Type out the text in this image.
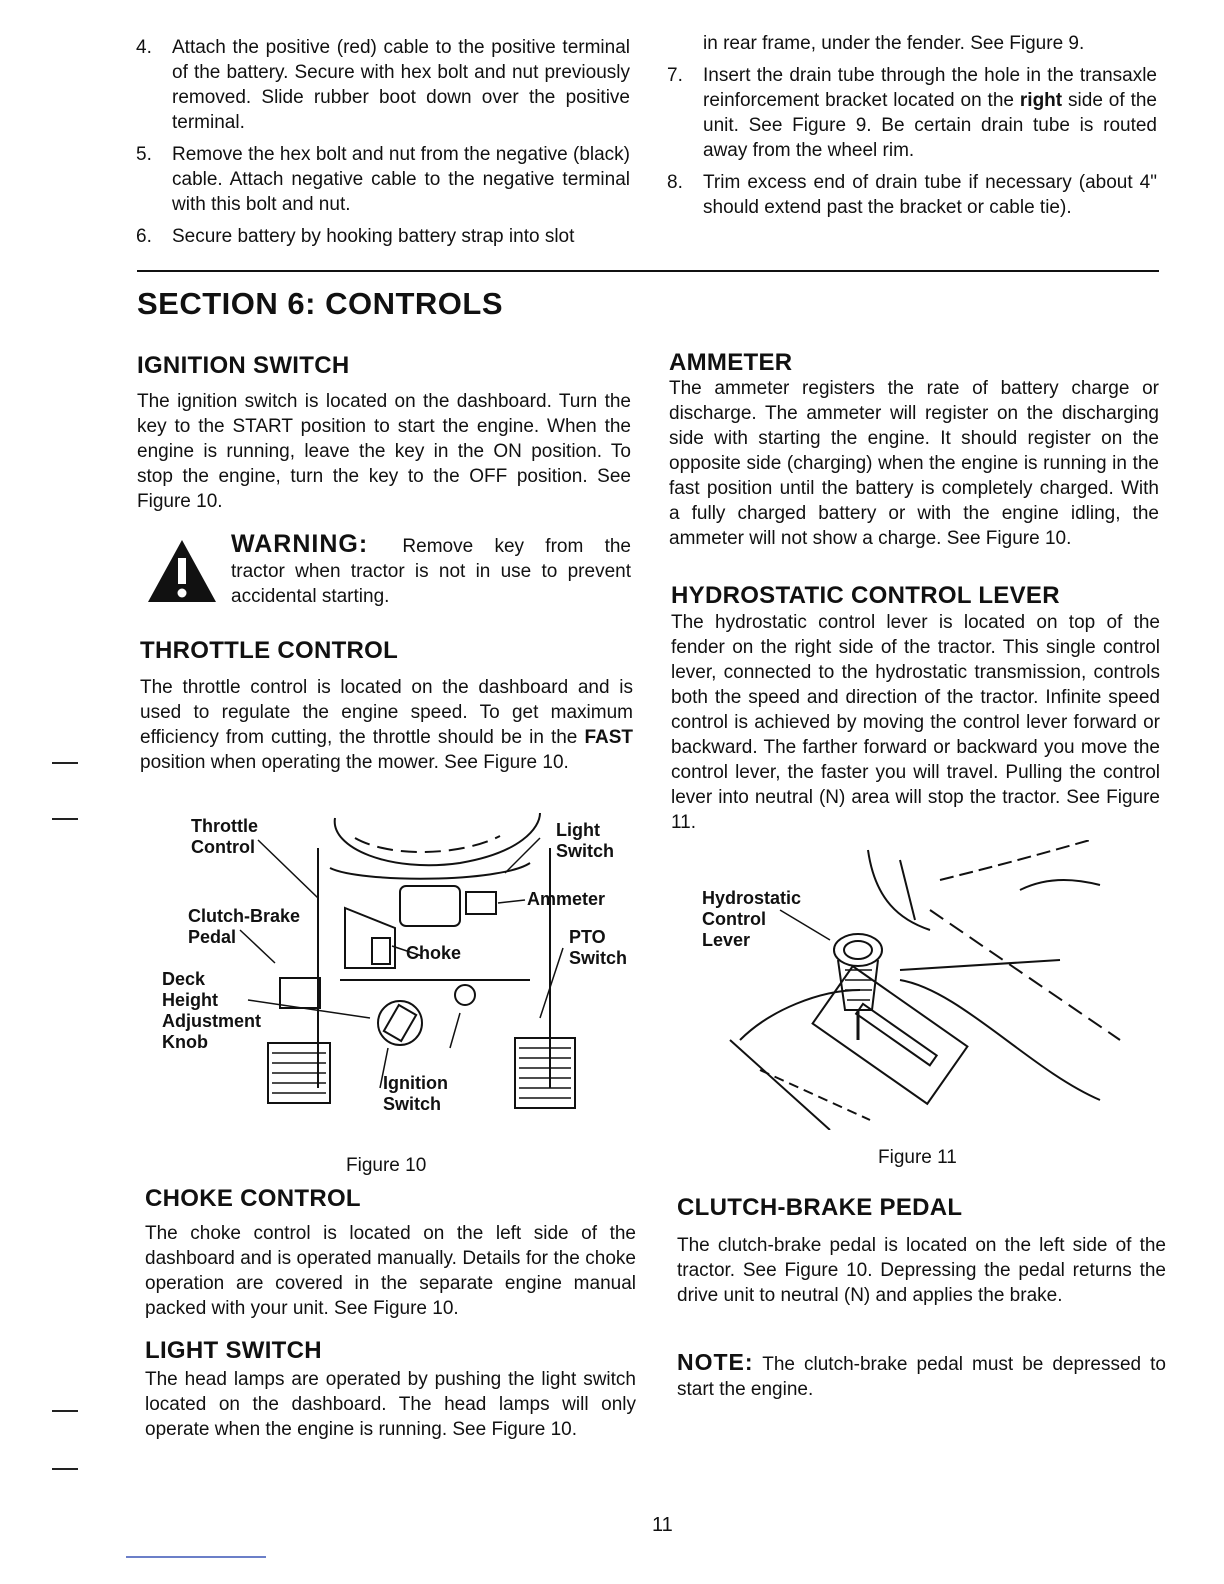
4.	Attach the positive (red) cable to the positive terminal of the battery. Secure with hex bolt and nut previously removed. Slide rubber boot down over the positive terminal.
5.	Remove the hex bolt and nut from the negative (black) cable. Attach negative cable to the negative terminal with this bolt and nut.
6.	Secure battery by hooking battery strap into slot
in rear frame, under the fender. See Figure 9.
7.	Insert the drain tube through the hole in the transaxle reinforcement bracket located on the right side of the unit. See Figure 9. Be certain drain tube is routed away from the wheel rim.
8.	Trim excess end of drain tube if necessary (about 4" should extend past the bracket or cable tie).
SECTION 6: CONTROLS
IGNITION SWITCH

The ignition switch is located on the dashboard. Turn the key to the START position to start the engine. When the engine is running, leave the key in the ON position. To stop the engine, turn the key to the OFF position. See Figure 10.

WARNING: Remove key from the

tractor when tractor is not in use to prevent accidental starting.

THROTTLE CONTROL

The throttle control is located on the dashboard and is used to regulate the engine speed. To get maximum efficiency from cutting, the throttle should be in the FAST position when operating the mower. See Figure 10.

Throttle
Control
Light
Switch
Ammeter
Clutch-Brake
Pedal
Choke
PTO
Switch
Deck
Height
Adjustment
Knob
Ignition
Switch
Figure 10
CHOKE CONTROL

The choke control is located on the left side of the dashboard and is operated manually. Details for the choke operation are covered in the separate engine manual packed with your unit. See Figure 10.

LIGHT SWITCH

The head lamps are operated by pushing the light switch located on the dashboard. The head lamps will only operate when the engine is running. See Figure 10.

AMMETER

The ammeter registers the rate of battery charge or discharge. The ammeter will register on the discharging side with starting the engine. It should register on the opposite side (charging) when the engine is running in the fast position until the battery is completely charged. With a fully charged battery or with the engine idling, the ammeter will not show a charge. See Figure 10.

HYDROSTATIC CONTROL LEVER

The hydrostatic control lever is located on top of the fender on the right side of the tractor. This single control lever, connected to the hydrostatic transmission, controls both the speed and direction of the tractor. Infinite speed control is achieved by moving the control lever forward or backward. The farther forward or backward you move the control lever, the faster you will travel. Pulling the control lever into neutral (N) area will stop the tractor. See Figure 11.

Hydrostatic
Control
Lever
Figure 11
CLUTCH-BRAKE PEDAL

The clutch-brake pedal is located on the left side of the tractor. See Figure 10. Depressing the pedal returns the drive unit to neutral (N) and applies the brake.

NOTE: The clutch-brake pedal must be depressed to start the engine.

11
